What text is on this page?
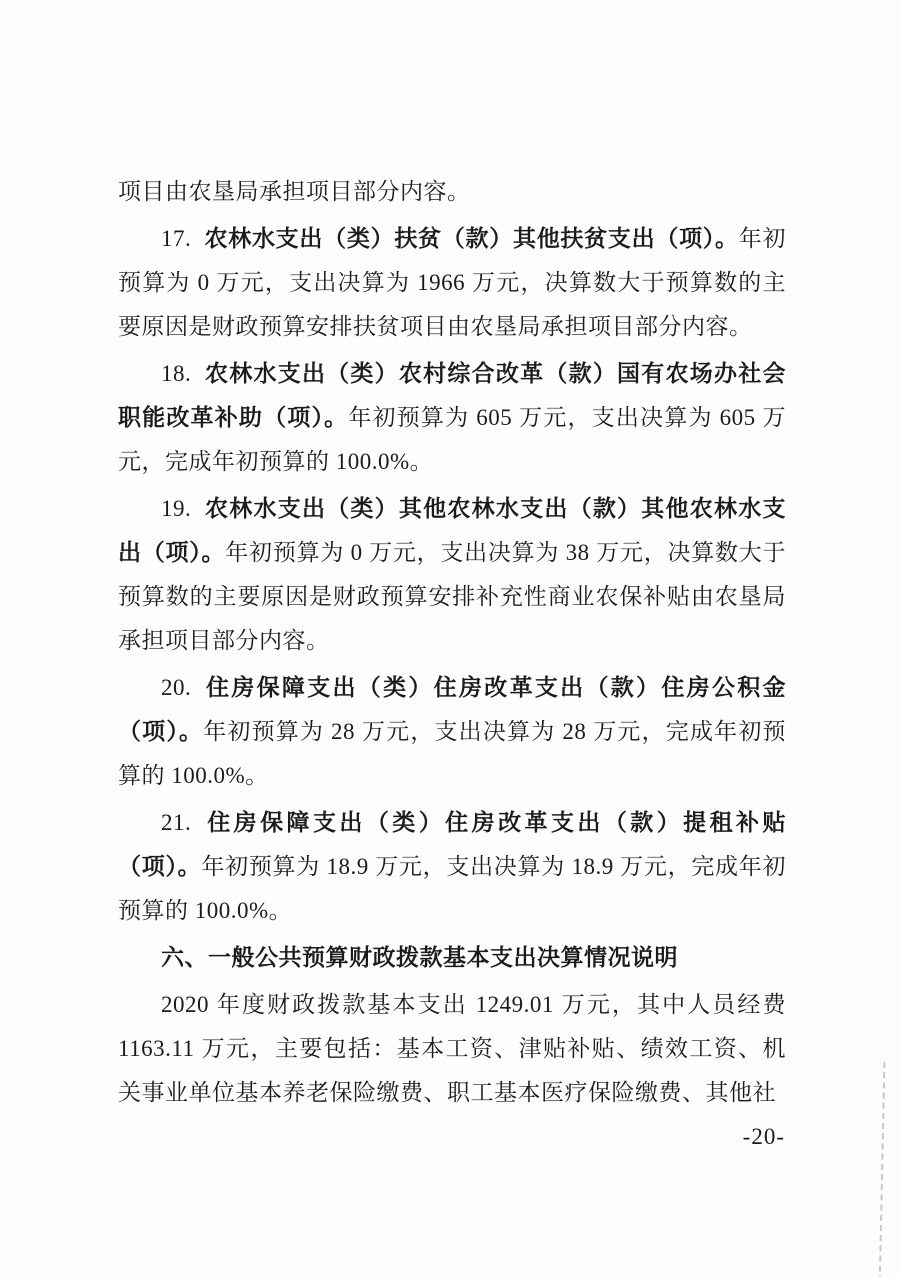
项目由农垦局承担项目部分内容。

17. 农林水支出（类）扶贫（款）其他扶贫支出（项）。年初预算为 0 万元，支出决算为 1966 万元，决算数大于预算数的主要原因是财政预算安排扶贫项目由农垦局承担项目部分内容。

18. 农林水支出（类）农村综合改革（款）国有农场办社会职能改革补助（项）。年初预算为 605 万元，支出决算为 605 万元，完成年初预算的 100.0%。

19. 农林水支出（类）其他农林水支出（款）其他农林水支出（项）。年初预算为 0 万元，支出决算为 38 万元，决算数大于预算数的主要原因是财政预算安排补充性商业农保补贴由农垦局承担项目部分内容。

20. 住房保障支出（类）住房改革支出（款）住房公积金（项）。年初预算为 28 万元，支出决算为 28 万元，完成年初预算的 100.0%。

21. 住房保障支出（类）住房改革支出（款）提租补贴（项）。年初预算为 18.9 万元，支出决算为 18.9 万元，完成年初预算的 100.0%。

六、一般公共预算财政拨款基本支出决算情况说明

2020 年度财政拨款基本支出 1249.01 万元，其中人员经费 1163.11 万元，主要包括：基本工资、津贴补贴、绩效工资、机关事业单位基本养老保险缴费、职工基本医疗保险缴费、其他社

-20-
